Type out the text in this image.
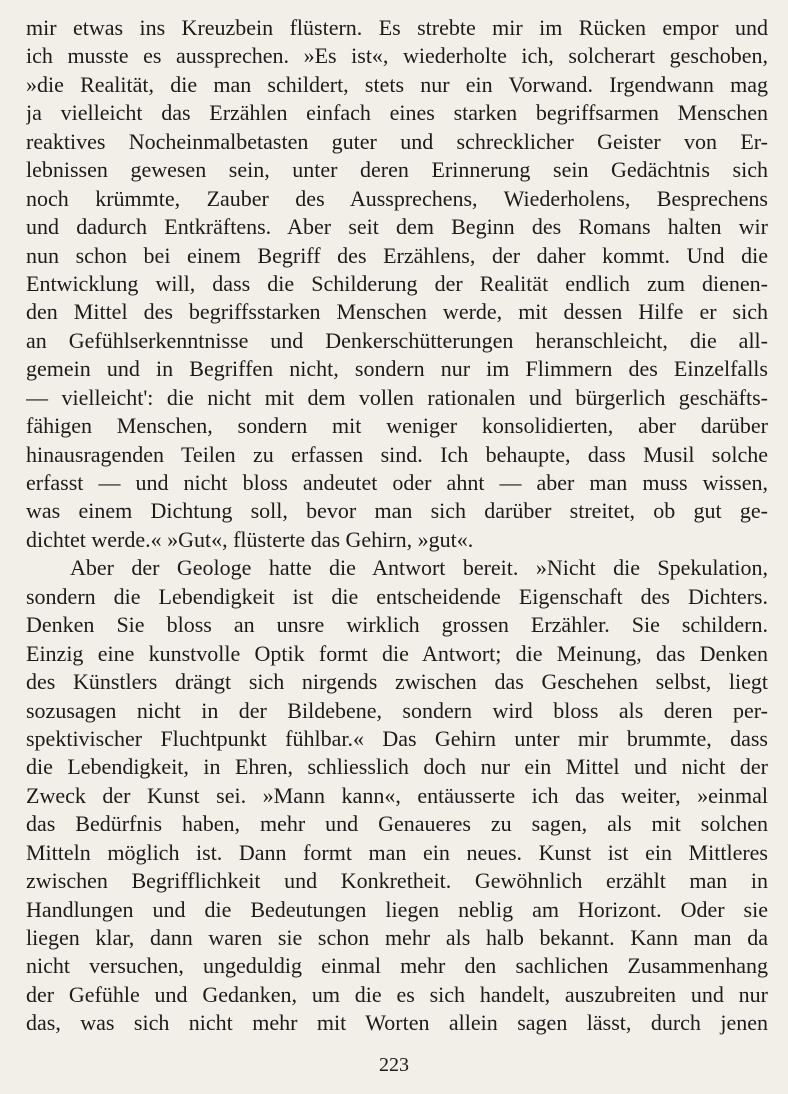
mir etwas ins Kreuzbein flüstern. Es strebte mir im Rücken empor und
ich musste es aussprechen. »Es ist«, wiederholte ich, solcherart geschoben,
»die Realität, die man schildert, stets nur ein Vorwand. Irgendwann mag
ja vielleicht das Erzählen einfach eines starken begriffsarmen Menschen
reaktives Nocheinmalbetasten guter und schrecklicher Geister von Er-
lebnissen gewesen sein, unter deren Erinnerung sein Gedächtnis sich
noch krümmte, Zauber des Aussprechens, Wiederholens, Besprechens
und dadurch Entkräftens. Aber seit dem Beginn des Romans halten wir
nun schon bei einem Begriff des Erzählens, der daher kommt. Und die
Entwicklung will, dass die Schilderung der Realität endlich zum dienen-
den Mittel des begriffsstarken Menschen werde, mit dessen Hilfe er sich
an Gefühlserkenntnisse und Denkerschütterungen heranschleicht, die all-
gemein und in Begriffen nicht, sondern nur im Flimmern des Einzelfalls
— vielleicht': die nicht mit dem vollen rationalen und bürgerlich geschäfts-
fähigen Menschen, sondern mit weniger konsolidierten, aber darüber
hinausragenden Teilen zu erfassen sind. Ich behaupte, dass Musil solche
erfasst — und nicht bloss andeutet oder ahnt — aber man muss wissen,
was einem Dichtung soll, bevor man sich darüber streitet, ob gut ge-
dichtet werde.« »Gut«, flüsterte das Gehirn, »gut«.
Aber der Geologe hatte die Antwort bereit. »Nicht die Spekulation,
sondern die Lebendigkeit ist die entscheidende Eigenschaft des Dichters.
Denken Sie bloss an unsre wirklich grossen Erzähler. Sie schildern.
Einzig eine kunstvolle Optik formt die Antwort; die Meinung, das Denken
des Künstlers drängt sich nirgends zwischen das Geschehen selbst, liegt
sozusagen nicht in der Bildebene, sondern wird bloss als deren per-
spektivischer Fluchtpunkt fühlbar.« Das Gehirn unter mir brummte, dass
die Lebendigkeit, in Ehren, schliesslich doch nur ein Mittel und nicht der
Zweck der Kunst sei. »Mann kann«, entäusserte ich das weiter, »einmal
das Bedürfnis haben, mehr und Genaueres zu sagen, als mit solchen
Mitteln möglich ist. Dann formt man ein neues. Kunst ist ein Mittleres
zwischen Begrifflichkeit und Konkretheit. Gewöhnlich erzählt man in
Handlungen und die Bedeutungen liegen neblig am Horizont. Oder sie
liegen klar, dann waren sie schon mehr als halb bekannt. Kann man da
nicht versuchen, ungeduldig einmal mehr den sachlichen Zusammenhang
der Gefühle und Gedanken, um die es sich handelt, auszubreiten und nur
das, was sich nicht mehr mit Worten allein sagen lässt, durch jenen
223
